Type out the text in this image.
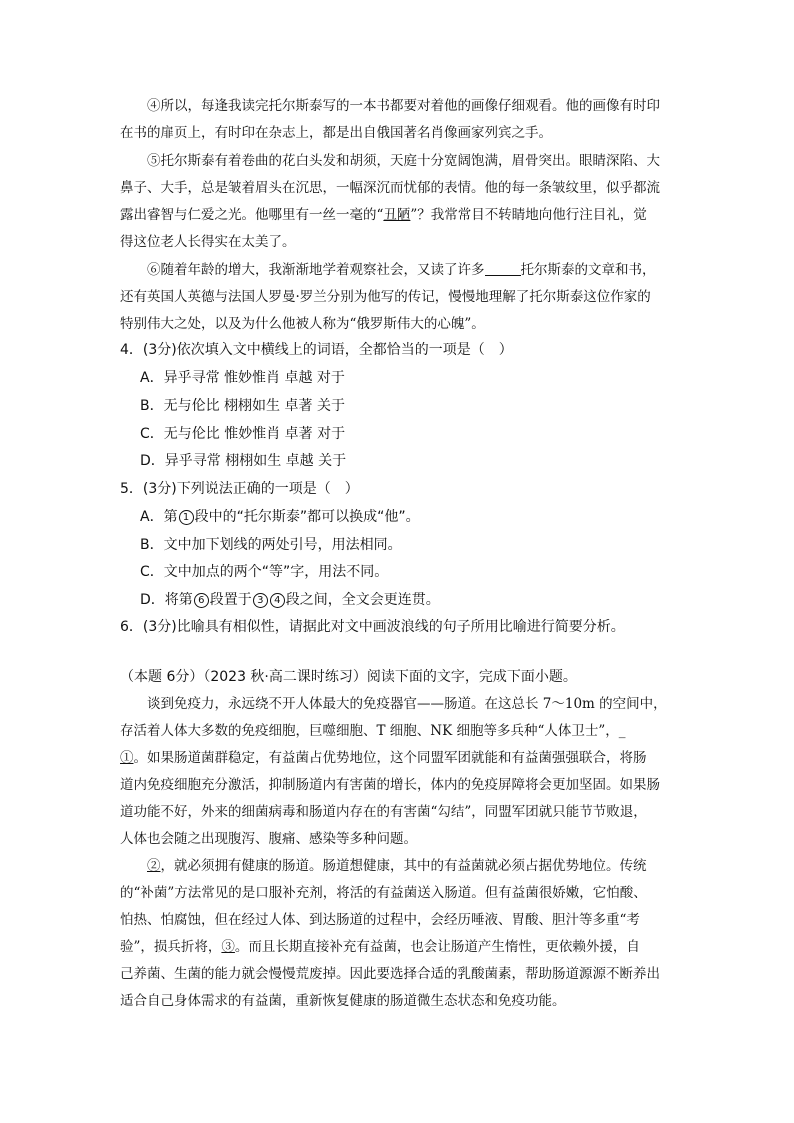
④所以，每逢我读完托尔斯泰写的一本书都要对着他的画像仔细观看。他的画像有时印
在书的扉页上，有时印在杂志上，都是出自俄国著名肖像画家列宾之手。
⑤托尔斯泰有着卷曲的花白头发和胡须，天庭十分宽阔饱满，眉骨突出。眼睛深陷、大
鼻子、大手，总是皱着眉头在沉思，一幅深沉而忧郁的表情。他的每一条皱纹里，似乎都流
露出睿智与仁爱之光。他哪里有一丝一毫的“丑陋”？我常常目不转睛地向他行注目礼，觉
得这位老人长得实在太美了。
⑥随着年龄的增大，我渐渐地学着观察社会，又读了许多	托尔斯泰的文章和书，
还有英国人英德与法国人罗曼·罗兰分别为他写的传记，慢慢地理解了托尔斯泰这位作家的
特别伟大之处，以及为什么他被人称为“俄罗斯伟大的心魄”。
4．(3分)依次填入文中横线上的词语，全都恰当的一项是（　）
A．异乎寻常 惟妙惟肖 卓越 对于
B．无与伦比 栩栩如生 卓著 关于
C．无与伦比 惟妙惟肖 卓著 对于
D．异乎寻常 栩栩如生 卓越 关于
5．(3分)下列说法正确的一项是（　）
A．第 1 段中的“托尔斯泰”都可以换成“他”。
B．文中加下划线的两处引号，用法相同。
C．文中加点的两个“等”字，用法不同。
D．将第 6 段置于 3 4 段之间，全文会更连贯。
6．(3分)比喻具有相似性，请据此对文中画波浪线的句子所用比喻进行简要分析。
（本题 6分）（2023 秋·高二课时练习）阅读下面的文字，完成下面小题。
谈到免疫力，永远绕不开人体最大的免疫器官——肠道。在这总长 7～10m 的空间中，
存活着人体大多数的免疫细胞，巨噬细胞、T 细胞、NK 细胞等多兵种“人体卫士”，_
①。如果肠道菌群稳定，有益菌占优势地位，这个同盟军团就能和有益菌强强联合，将肠
道内免疫细胞充分激活，抑制肠道内有害菌的增长，体内的免疫屏障将会更加坚固。如果肠
道功能不好，外来的细菌病毒和肠道内存在的有害菌“勾结”，同盟军团就只能节节败退，
人体也会随之出现腹泻、腹痛、感染等多种问题。
②，就必须拥有健康的肠道。肠道想健康，其中的有益菌就必须占据优势地位。传统
的“补菌”方法常见的是口服补充剂，将活的有益菌送入肠道。但有益菌很娇嫩，它怕酸、
怕热、怕腐蚀，但在经过人体、到达肠道的过程中，会经历唾液、胃酸、胆汁等多重“考
验”，损兵折将，③。而且长期直接补充有益菌，也会让肠道产生惰性，更依赖外援，自
己养菌、生菌的能力就会慢慢荒废掉。因此要选择合适的乳酸菌素，帮助肠道源源不断养出
适合自己身体需求的有益菌，重新恢复健康的肠道微生态状态和免疫功能。
